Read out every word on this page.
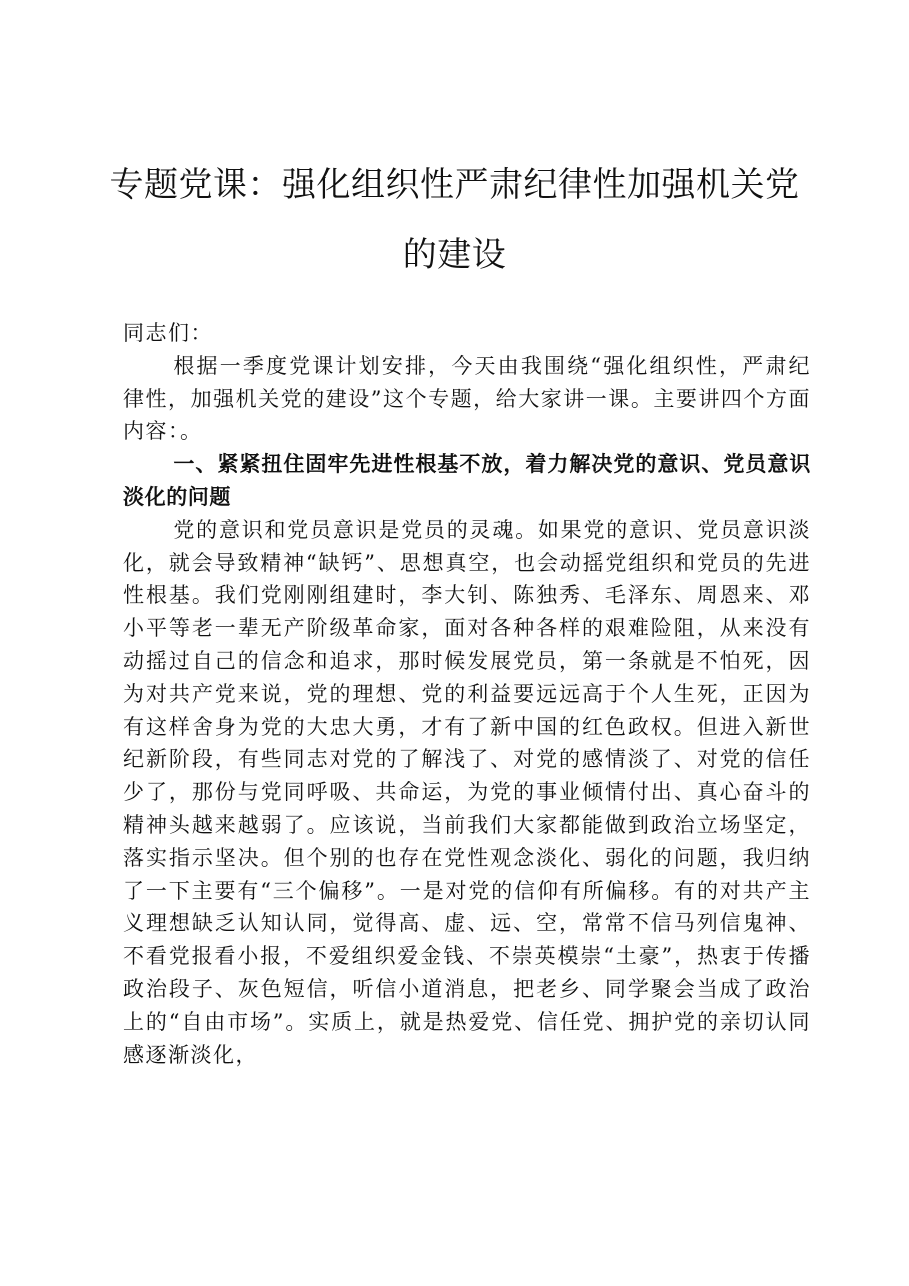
专题党课：强化组织性严肃纪律性加强机关党的建设

同志们：

根据一季度党课计划安排，今天由我围绕“强化组织性，严肃纪律性，加强机关党的建设”这个专题，给大家讲一课。主要讲四个方面内容：。

一、紧紧扭住固牢先进性根基不放，着力解决党的意识、党员意识淡化的问题

党的意识和党员意识是党员的灵魂。如果党的意识、党员意识淡化，就会导致精神“缺钙”、思想真空，也会动摇党组织和党员的先进性根基。我们党刚刚组建时，李大钊、陈独秀、毛泽东、周恩来、邓小平等老一辈无产阶级革命家，面对各种各样的艰难险阻，从来没有动摇过自己的信念和追求，那时候发展党员，第一条就是不怕死，因为对共产党来说，党的理想、党的利益要远远高于个人生死，正因为有这样舍身为党的大忠大勇，才有了新中国的红色政权。但进入新世纪新阶段，有些同志对党的了解浅了、对党的感情淡了、对党的信任少了，那份与党同呼吸、共命运，为党的事业倾情付出、真心奋斗的精神头越来越弱了。应该说，当前我们大家都能做到政治立场坚定，落实指示坚决。但个别的也存在党性观念淡化、弱化的问题，我归纳了一下主要有“三个偏移”。一是对党的信仰有所偏移。有的对共产主义理想缺乏认知认同，觉得高、虚、远、空，常常不信马列信鬼神、不看党报看小报，不爱组织爱金钱、不崇英模崇“土豪”，热衷于传播政治段子、灰色短信，听信小道消息，把老乡、同学聚会当成了政治上的“自由市场”。实质上，就是热爱党、信任党、拥护党的亲切认同感逐渐淡化，
